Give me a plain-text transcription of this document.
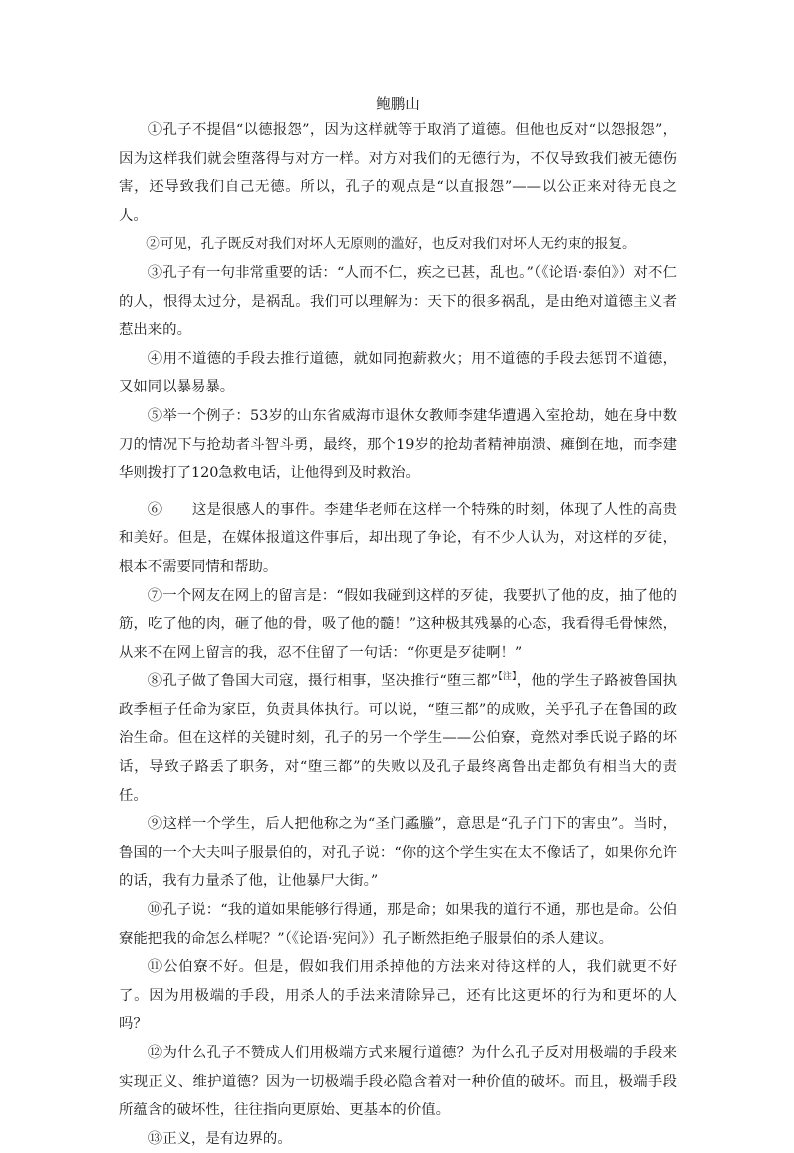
鲍鹏山

①孔子不提倡“以德报怨”，因为这样就等于取消了道德。但他也反对“以怨报怨”，因为这样我们就会堕落得与对方一样。对方对我们的无德行为，不仅导致我们被无德伤害，还导致我们自己无德。所以，孔子的观点是“以直报怨”——以公正来对待无良之人。

②可见，孔子既反对我们对坏人无原则的滥好，也反对我们对坏人无约束的报复。

③孔子有一句非常重要的话：“人而不仁，疾之已甚，乱也。”（《论语·泰伯》）对不仁的人，恨得太过分，是祸乱。我们可以理解为：天下的很多祸乱，是由绝对道德主义者惹出来的。

④用不道德的手段去推行道德，就如同抱薪救火；用不道德的手段去惩罚不道德，又如同以暴易暴。

⑤举一个例子：53岁的山东省威海市退休女教师李建华遭遇入室抢劫，她在身中数刀的情况下与抢劫者斗智斗勇，最终，那个19岁的抢劫者精神崩溃、瘫倒在地，而李建华则拨打了120急救电话，让他得到及时救治。

⑥　　这是很感人的事件。李建华老师在这样一个特殊的时刻，体现了人性的高贵和美好。但是，在媒体报道这件事后，却出现了争论，有不少人认为，对这样的歹徒，根本不需要同情和帮助。

⑦一个网友在网上的留言是：“假如我碰到这样的歹徒，我要扒了他的皮，抽了他的筋，吃了他的肉，砸了他的骨，吸了他的髓！”这种极其残暴的心态，我看得毛骨悚然，从来不在网上留言的我，忍不住留了一句话：“你更是歹徒啊！”

⑧孔子做了鲁国大司寇，摄行相事，坚决推行“堕三都”$^{【注】}$，他的学生子路被鲁国执政季桓子任命为家臣，负责具体执行。可以说，“堕三都”的成败，关乎孔子在鲁国的政治生命。但在这样的关键时刻，孔子的另一个学生——公伯寮，竟然对季氏说子路的坏话，导致子路丢了职务，对“堕三都”的失败以及孔子最终离鲁出走都负有相当大的责任。

⑨这样一个学生，后人把他称之为“圣门蟊螣”，意思是“孔子门下的害虫”。当时，鲁国的一个大夫叫子服景伯的，对孔子说：“你的这个学生实在太不像话了，如果你允许的话，我有力量杀了他，让他暴尸大街。”

⑩孔子说：“我的道如果能够行得通，那是命；如果我的道行不通，那也是命。公伯寮能把我的命怎么样呢？”（《论语·宪问》）孔子断然拒绝子服景伯的杀人建议。

⑪公伯寮不好。但是，假如我们用杀掉他的方法来对待这样的人，我们就更不好了。因为用极端的手段，用杀人的手法来清除异己，还有比这更坏的行为和更坏的人吗？

⑫为什么孔子不赞成人们用极端方式来履行道德？为什么孔子反对用极端的手段来实现正义、维护道德？因为一切极端手段必隐含着对一种价值的破坏。而且，极端手段所蕴含的破坏性，往往指向更原始、更基本的价值。

⑬正义，是有边界的。
